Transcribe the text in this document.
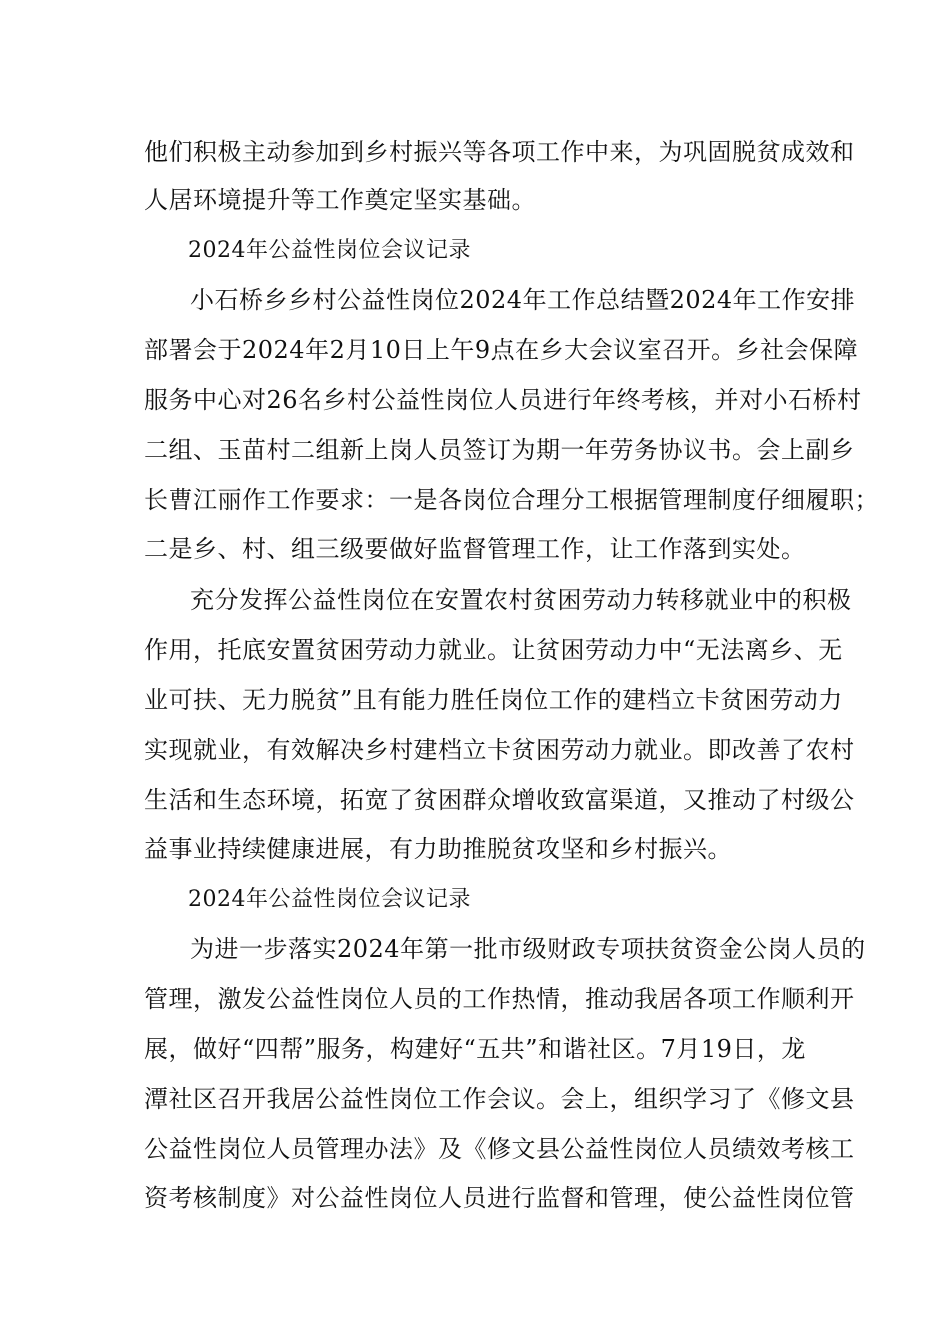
他们积极主动参加到乡村振兴等各项工作中来，为巩固脱贫成效和
人居环境提升等工作奠定坚实基础。
2024年公益性岗位会议记录
小石桥乡乡村公益性岗位2024年工作总结暨2024年工作安排
部署会于2024年2月10日上午9点在乡大会议室召开。乡社会保障
服务中心对26名乡村公益性岗位人员进行年终考核，并对小石桥村
二组、玉苗村二组新上岗人员签订为期一年劳务协议书。会上副乡
长曹江丽作工作要求：一是各岗位合理分工根据管理制度仔细履职；
二是乡、村、组三级要做好监督管理工作，让工作落到实处。
充分发挥公益性岗位在安置农村贫困劳动力转移就业中的积极
作用，托底安置贫困劳动力就业。让贫困劳动力中“无法离乡、无
业可扶、无力脱贫”且有能力胜任岗位工作的建档立卡贫困劳动力
实现就业，有效解决乡村建档立卡贫困劳动力就业。即改善了农村
生活和生态环境，拓宽了贫困群众增收致富渠道，又推动了村级公
益事业持续健康进展，有力助推脱贫攻坚和乡村振兴。
2024年公益性岗位会议记录
为进一步落实2024年第一批市级财政专项扶贫资金公岗人员的
管理，激发公益性岗位人员的工作热情，推动我居各项工作顺利开
展，做好“四帮”服务，构建好“五共”和谐社区。7月19日，龙
潭社区召开我居公益性岗位工作会议。会上，组织学习了《修文县
公益性岗位人员管理办法》及《修文县公益性岗位人员绩效考核工
资考核制度》对公益性岗位人员进行监督和管理，使公益性岗位管
